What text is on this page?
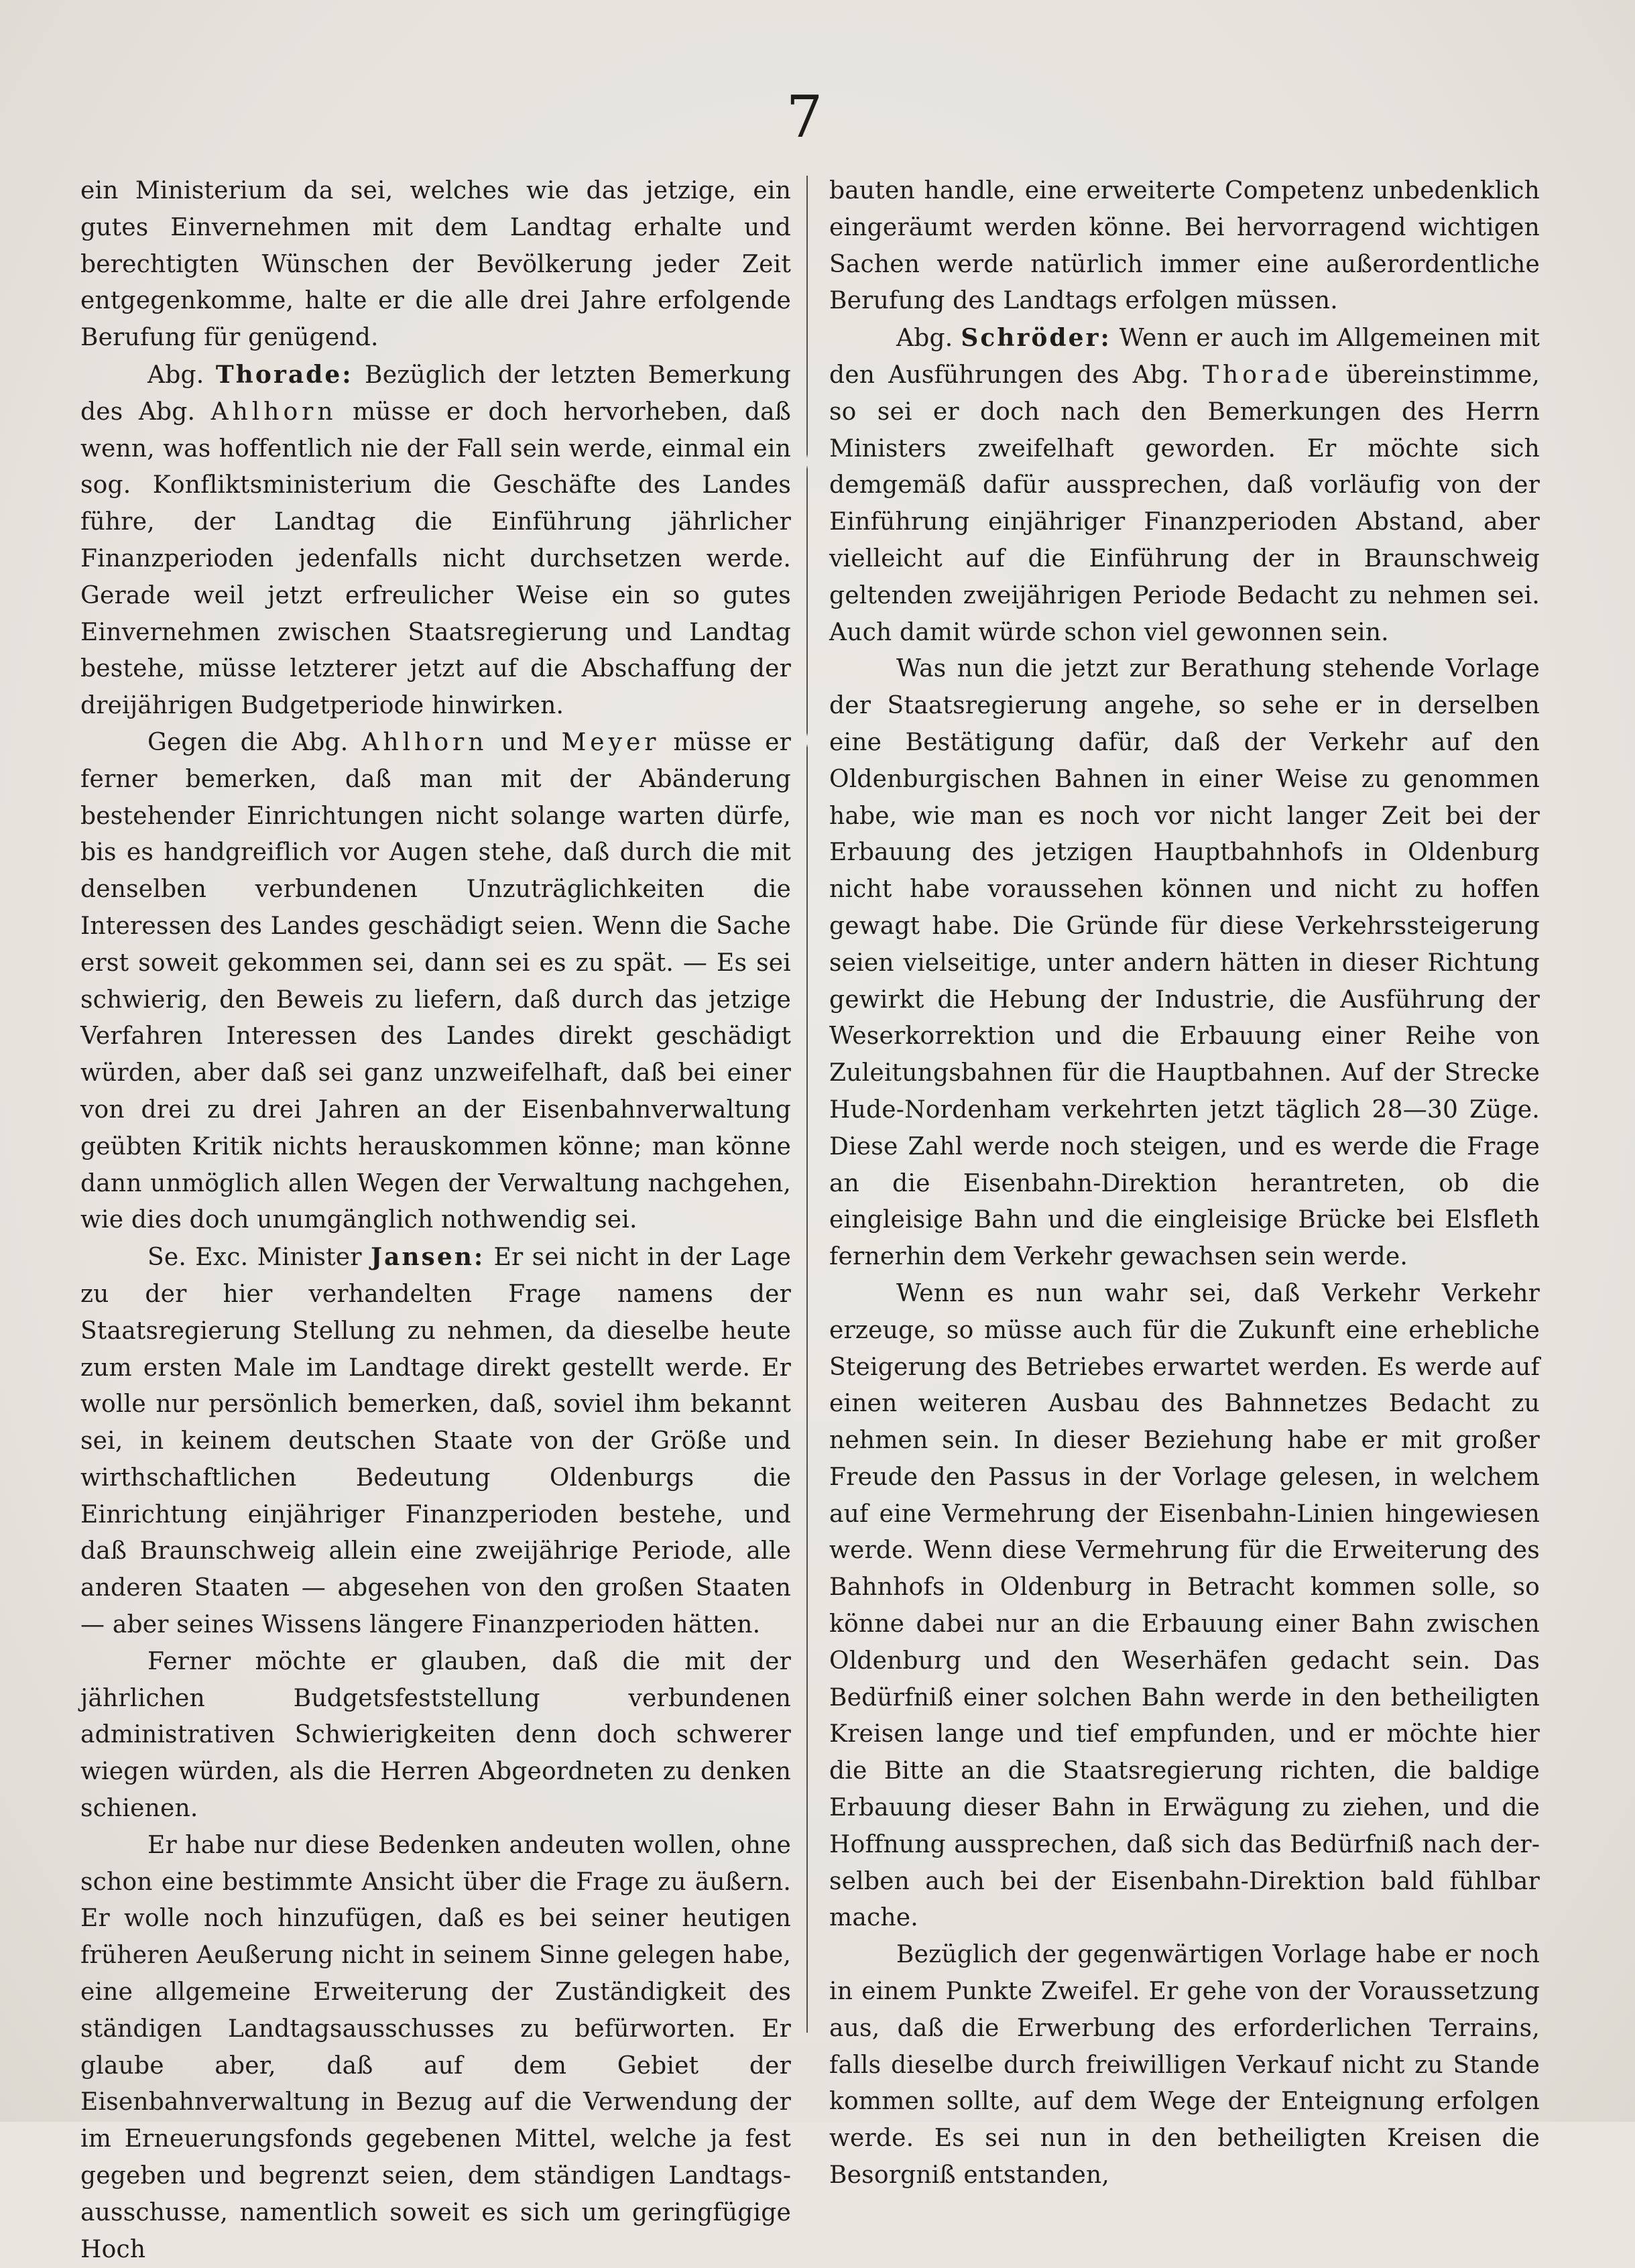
7

ein Ministerium da sei, welches wie das jetzige, ein gutes Einvernehmen mit dem Landtag erhalte und berechtigten Wünschen der Bevölkerung jeder Zeit entgegenkomme, halte er die alle drei Jahre erfolgende Berufung für genügend.

Abg. Thorade: Bezüglich der letzten Bemerkung des Abg. Ahlhorn müsse er doch hervorheben, daß wenn, was hoffentlich nie der Fall sein werde, einmal ein sog. Konfliktsministerium die Geschäfte des Landes führe, der Landtag die Einführung jährlicher Finanzperioden jedenfalls nicht durchsetzen werde. Gerade weil jetzt erfreulicher Weise ein so gutes Einvernehmen zwischen Staatsregierung und Landtag bestehe, müsse letzterer jetzt auf die Abschaffung der dreijährigen Budgetperiode hinwirken.

Gegen die Abg. Ahlhorn und Meyer müsse er ferner bemerken, daß man mit der Abänderung bestehender Einrichtungen nicht solange warten dürfe, bis es handgreiflich vor Augen stehe, daß durch die mit denselben verbundenen Unzuträglichkeiten die Interessen des Landes geschädigt seien. Wenn die Sache erst soweit gekommen sei, dann sei es zu spät. — Es sei schwierig, den Beweis zu liefern, daß durch das jetzige Verfahren Interessen des Landes direkt geschädigt würden, aber daß sei ganz unzweifelhaft, daß bei einer von drei zu drei Jahren an der Eisenbahnverwaltung geübten Kritik nichts herauskommen könne; man könne dann unmöglich allen Wegen der Verwaltung nachgehen, wie dies doch unumgänglich nothwendig sei.

Se. Exc. Minister Jansen: Er sei nicht in der Lage zu der hier verhandelten Frage namens der Staatsregierung Stellung zu nehmen, da dieselbe heute zum ersten Male im Landtage direkt gestellt werde. Er wolle nur persönlich bemerken, daß, soviel ihm bekannt sei, in keinem deutschen Staate von der Größe und wirthschaftlichen Bedeutung Oldenburgs die Einrichtung einjähriger Finanzperioden bestehe, und daß Braunschweig allein eine zweijährige Periode, alle anderen Staaten — abgesehen von den großen Staaten — aber seines Wissens längere Finanzperioden hätten.

Ferner möchte er glauben, daß die mit der jährlichen Budgetsfeststellung verbundenen administrativen Schwierigkeiten denn doch schwerer wiegen würden, als die Herren Abgeordneten zu denken schienen.

Er habe nur diese Bedenken andeuten wollen, ohne schon eine bestimmte Ansicht über die Frage zu äußern. Er wolle noch hinzufügen, daß es bei seiner heutigen früheren Aeußerung nicht in seinem Sinne gelegen habe, eine allgemeine Erweiterung der Zuständigkeit des ständigen Landtagsausschusses zu befürworten. Er glaube aber, daß auf dem Gebiet der Eisenbahnverwaltung in Bezug auf die Verwendung der im Erneuerungsfonds gegebenen Mittel, welche ja fest gegeben und begrenzt seien, dem ständigen Landtagsausschusse, namentlich soweit es sich um geringfügige Hoch

bauten handle, eine erweiterte Competenz unbedenklich eingeräumt werden könne. Bei hervorragend wichtigen Sachen werde natürlich immer eine außerordentliche Berufung des Landtags erfolgen müssen.

Abg. Schröder: Wenn er auch im Allgemeinen mit den Ausführungen des Abg. Thorade übereinstimme, so sei er doch nach den Bemerkungen des Herrn Ministers zweifelhaft geworden. Er möchte sich demgemäß dafür aussprechen, daß vorläufig von der Einführung einjähriger Finanzperioden Abstand, aber vielleicht auf die Einführung der in Braunschweig geltenden zweijährigen Periode Bedacht zu nehmen sei. Auch damit würde schon viel gewonnen sein.

Was nun die jetzt zur Berathung stehende Vorlage der Staatsregierung angehe, so sehe er in derselben eine Bestätigung dafür, daß der Verkehr auf den Oldenburgischen Bahnen in einer Weise zu genommen habe, wie man es noch vor nicht langer Zeit bei der Erbauung des jetzigen Hauptbahnhofs in Oldenburg nicht habe voraussehen können und nicht zu hoffen gewagt habe. Die Gründe für diese Verkehrssteigerung seien vielseitige, unter andern hätten in dieser Richtung gewirkt die Hebung der Industrie, die Ausführung der Weserkorrektion und die Erbauung einer Reihe von Zuleitungsbahnen für die Hauptbahnen. Auf der Strecke Hude-Nordenham verkehrten jetzt täglich 28—30 Züge. Diese Zahl werde noch steigen, und es werde die Frage an die Eisenbahn-Direktion herantreten, ob die eingleisige Bahn und die eingleisige Brücke bei Elsfleth fernerhin dem Verkehr gewachsen sein werde.

Wenn es nun wahr sei, daß Verkehr Verkehr erzeuge, so müsse auch für die Zukunft eine erhebliche Steigerung des Betriebes erwartet werden. Es werde auf einen weiteren Ausbau des Bahnnetzes Bedacht zu nehmen sein. In dieser Beziehung habe er mit großer Freude den Passus in der Vorlage gelesen, in welchem auf eine Vermehrung der Eisenbahn-Linien hingewiesen werde. Wenn diese Vermehrung für die Erweiterung des Bahnhofs in Oldenburg in Betracht kommen solle, so könne dabei nur an die Erbauung einer Bahn zwischen Oldenburg und den Weserhäfen gedacht sein. Das Bedürfniß einer solchen Bahn werde in den betheiligten Kreisen lange und tief empfunden, und er möchte hier die Bitte an die Staatsregierung richten, die baldige Erbauung dieser Bahn in Erwägung zu ziehen, und die Hoffnung aussprechen, daß sich das Bedürfniß nach derselben auch bei der Eisenbahn-Direktion bald fühlbar mache.

Bezüglich der gegenwärtigen Vorlage habe er noch in einem Punkte Zweifel. Er gehe von der Voraussetzung aus, daß die Erwerbung des erforderlichen Terrains, falls dieselbe durch freiwilligen Verkauf nicht zu Stande kommen sollte, auf dem Wege der Enteignung erfolgen werde. Es sei nun in den betheiligten Kreisen die Besorgniß entstanden,
